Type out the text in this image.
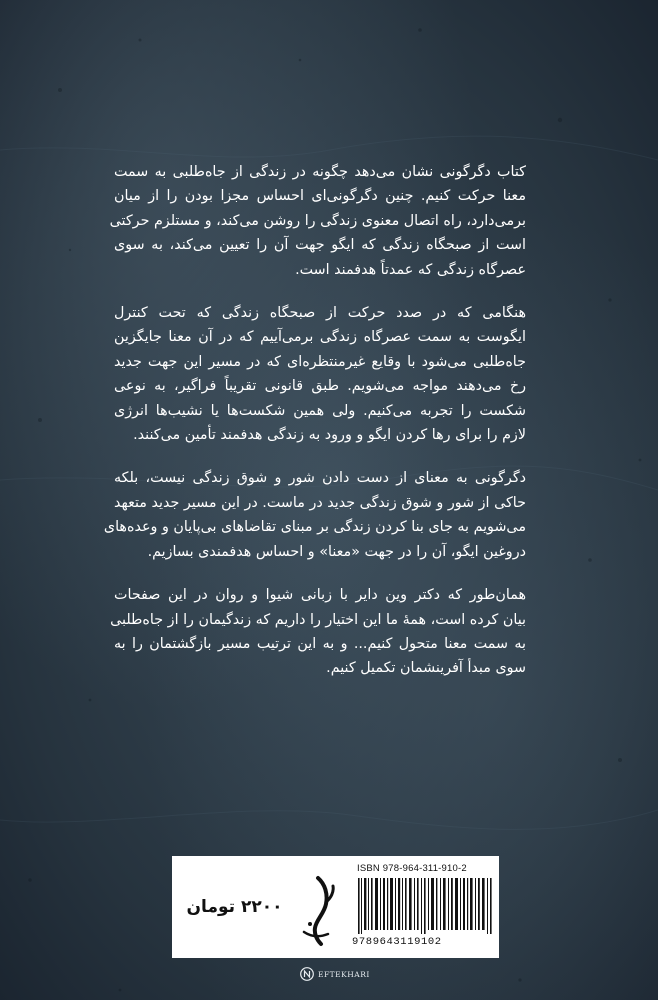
کتاب دگرگونی نشان می‌دهد چگونه در زندگی از جاه‌طلبی به سمت
معنا حرکت کنیم. چنین دگرگونی‌ای احساس مجزا بودن را از میان
برمی‌دارد، راه اتصال معنوی زندگی را روشن می‌کند، و مستلزم حرکتی
است از صبحگاه زندگی که ایگو جهت آن را تعیین می‌کند، به سوی
عصرگاه زندگی که عمدتاً هدفمند است.

هنگامی که در صدد حرکت از صبحگاه زندگی که تحت کنترل
ایگوست به سمت عصرگاه زندگی برمی‌آییم که در آن معنا جایگزین
جاه‌طلبی می‌شود با وقایع غیرمنتظره‌ای که در مسیر این جهت جدید
رخ می‌دهند مواجه می‌شویم. طبق قانونی تقریباً فراگیر، به نوعی
شکست را تجربه می‌کنیم. ولی همین شکست‌ها یا نشیب‌ها انرژی
لازم را برای رها کردن ایگو و ورود به زندگی هدفمند تأمین می‌کنند.

دگرگونی به معنای از دست دادن شور و شوق زندگی نیست، بلکه
حاکی از شور و شوق زندگی جدید در ماست. در این مسیر جدید متعهد
می‌شویم به جای بنا کردن زندگی بر مبنای تقاضاهای بی‌پایان و وعده‌های
دروغین ایگو، آن را در جهت «معنا» و احساس هدفمندی بسازیم.

همان‌طور که دکتر وین دایر با زبانی شیوا و روان در این صفحات
بیان کرده است، همهٔ ما این اختیار را داریم که زندگیمان را از جاه‌طلبی
به سمت معنا متحول کنیم... و به این ترتیب مسیر بازگشتمان را به
سوی مبدأ آفرینشمان تکمیل کنیم.

۲۲۰۰ تومان
ISBN 978-964-311-910-2
9789643119102
EFTEKHARI
